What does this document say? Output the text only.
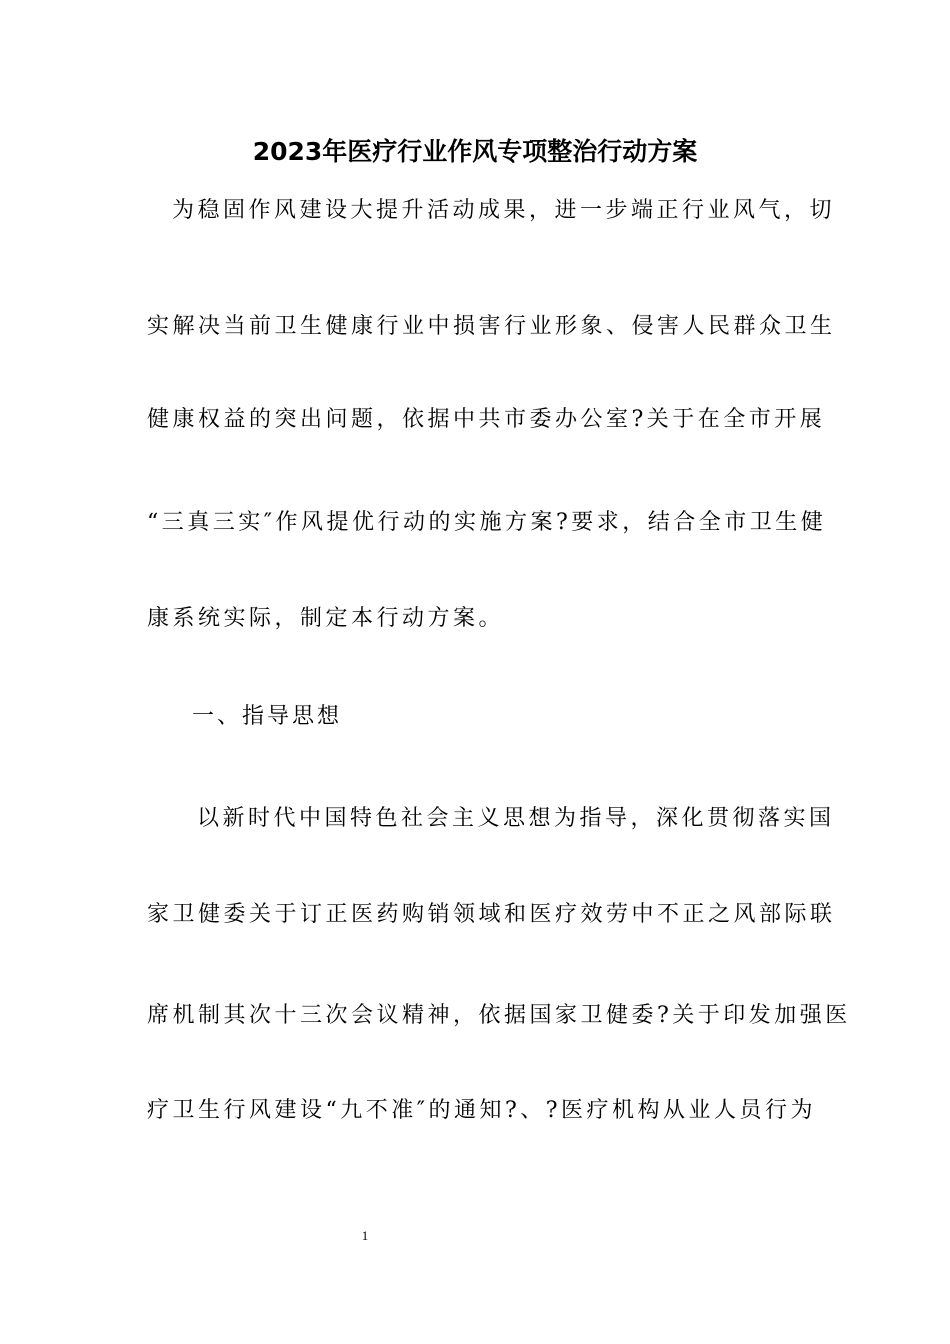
2023年医疗行业作风专项整治行动方案
为稳固作风建设大提升活动成果，进一步端正行业风气，切
实解决当前卫生健康行业中损害行业形象、侵害人民群众卫生
健康权益的突出问题，依据中共市委办公室?关于在全市开展
“三真三实″作风提优行动的实施方案?要求，结合全市卫生健
康系统实际，制定本行动方案。
一、指导思想
以新时代中国特色社会主义思想为指导，深化贯彻落实国
家卫健委关于订正医药购销领域和医疗效劳中不正之风部际联
席机制其次十三次会议精神，依据国家卫健委?关于印发加强医
疗卫生行风建设“九不准″的通知?、?医疗机构从业人员行为
1
